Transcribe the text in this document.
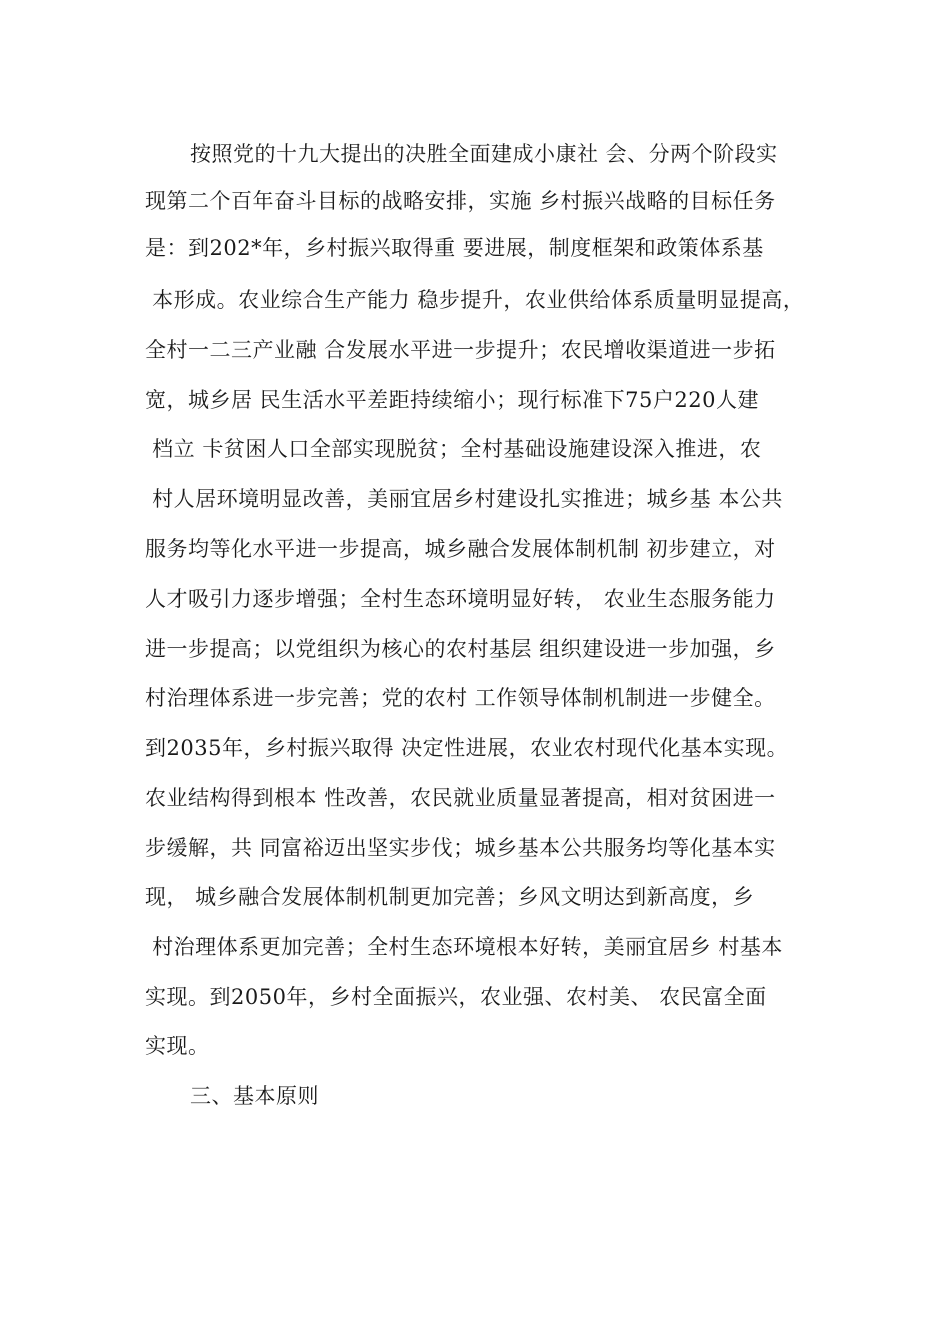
按照党的十九大提出的决胜全面建成小康社 会、分两个阶段实
现第二个百年奋斗目标的战略安排，实施 乡村振兴战略的目标任务
是：到202*年，乡村振兴取得重 要进展，制度框架和政策体系基
本形成。农业综合生产能力 稳步提升，农业供给体系质量明显提高，
全村一二三产业融 合发展水平进一步提升；农民增收渠道进一步拓
宽，城乡居 民生活水平差距持续缩小；现行标准下75户220人建
档立 卡贫困人口全部实现脱贫；全村基础设施建设深入推进，农
村人居环境明显改善，美丽宜居乡村建设扎实推进；城乡基 本公共
服务均等化水平进一步提高，城乡融合发展体制机制 初步建立，对
人才吸引力逐步增强；全村生态环境明显好转， 农业生态服务能力
进一步提高；以党组织为核心的农村基层 组织建设进一步加强，乡
村治理体系进一步完善；党的农村 工作领导体制机制进一步健全。
到2035年，乡村振兴取得 决定性进展，农业农村现代化基本实现。
农业结构得到根本 性改善，农民就业质量显著提高，相对贫困进一
步缓解，共 同富裕迈出坚实步伐；城乡基本公共服务均等化基本实
现， 城乡融合发展体制机制更加完善；乡风文明达到新高度，乡
村治理体系更加完善；全村生态环境根本好转，美丽宜居乡 村基本
实现。到2050年，乡村全面振兴，农业强、农村美、 农民富全面
实现。
三、基本原则
